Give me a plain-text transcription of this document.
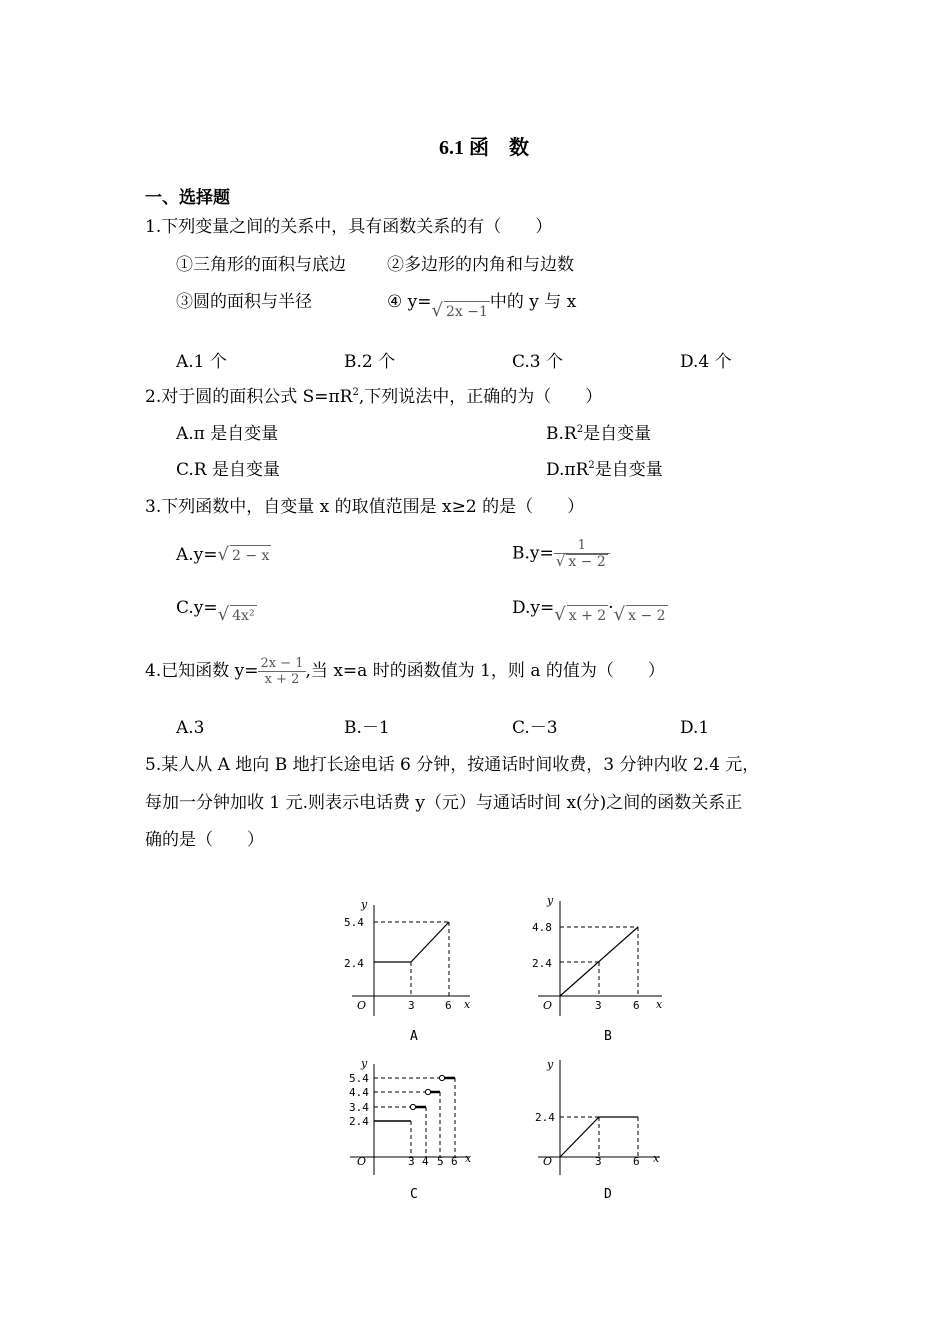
6.1 函　数
一、选择题
1.下列变量之间的关系中，具有函数关系的有（　　）
①三角形的面积与底边 ②多边形的内角和与边数
③圆的面积与半径	④ y=√ 2x −1 中的 y 与 x
A.1 个	B.2 个	C.3 个	D.4 个
2.对于圆的面积公式 $S=\pi R^2$,下列说法中，正确的为（　　）
A.π 是自变量	$B.R^2$是自变量
C.R 是自变量	$D.\pi R^2$是自变量
3.下列函数中，自变量 x 的取值范围是 x≥2 的是（　　）
A.y=√ 2 − x	$B.y= \frac{1}{√ x - 2}$
C.y=√ 4x²	D.y=√ x + 2 ·√ x − 2
4.已知函数 $y= \frac{2x - 1}{x + 2}$ ,当 x=a 时的函数值为 1，则 a 的值为（　　）
A.3	B.－1	C.－3	D.1
5.某人从 A 地向 B 地打长途电话 6 分钟，按通话时间收费，3 分钟内收 2.4 元，
每加一分钟加收 1 元.则表示电话费 y（元）与通话时间 x(分)之间的函数关系正
确的是（　　）
y
x
O
5.4
2.4
3	6
A
y
x
O
4.8
2.4
3	6
B
y
x
O
5.4
4.4
3.4
2.4
3 4 5 6
C
y
x
O
2.4
3	6
D
